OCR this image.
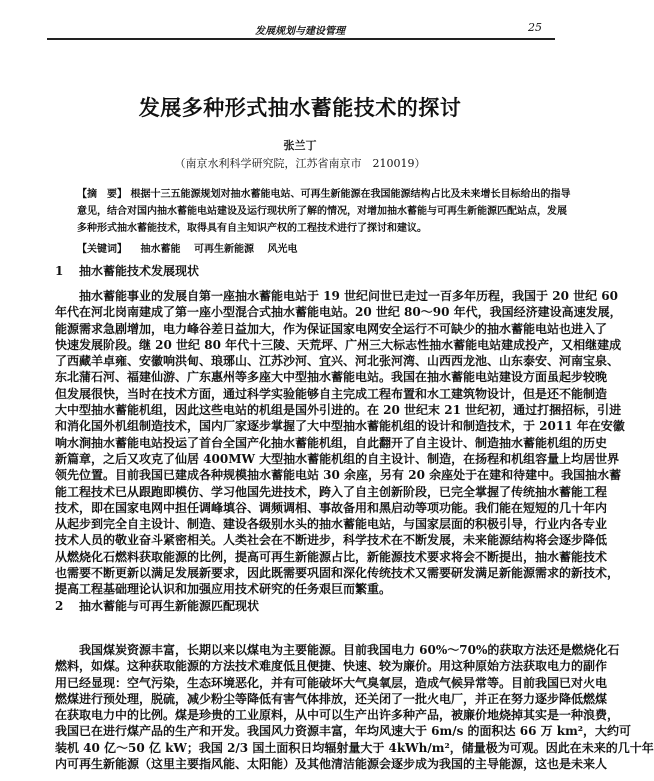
发展规划与建设管理	25
发展多种形式抽水蓄能技术的探讨
张兰丁
（南京水利科学研究院，江苏省南京市　210019）
【摘　要】 根据十三五能源规划对抽水蓄能电站、可再生新能源在我国能源结构占比及未来增长目标给出的指导
意见，结合对国内抽水蓄能电站建设及运行现状所了解的情况，对增加抽水蓄能与可再生新能源匹配站点，发展
多种形式抽水蓄能技术，取得具有自主知识产权的工程技术进行了探讨和建议。
【关键词】 抽水蓄能 可再生新能源 风光电
1 抽水蓄能技术发展现状
抽水蓄能事业的发展自第一座抽水蓄能电站于 19 世纪问世已走过一百多年历程，我国于 20 世纪 60
年代在河北岗南建成了第一座小型混合式抽水蓄能电站。20 世纪 80～90 年代，我国经济建设高速发展，
能源需求急剧增加，电力峰谷差日益加大，作为保证国家电网安全运行不可缺少的抽水蓄能电站也进入了
快速发展阶段。继 20 世纪 80 年代十三陵、天荒坪、广州三大标志性抽水蓄能电站建成投产，又相继建成
了西藏羊卓雍、安徽响洪甸、琅琊山、江苏沙河、宜兴、河北张河湾、山西西龙池、山东泰安、河南宝泉、
东北蒲石河、福建仙游、广东惠州等多座大中型抽水蓄能电站。我国在抽水蓄能电站建设方面虽起步较晚
但发展很快，当时在技术方面，通过科学实验能够自主完成工程布置和水工建筑物设计，但是还不能制造
大中型抽水蓄能机组，因此这些电站的机组是国外引进的。在 20 世纪末 21 世纪初，通过打捆招标，引进
和消化国外机组制造技术，国内厂家逐步掌握了大中型抽水蓄能机组的设计和制造技术，于 2011 年在安徽
响水涧抽水蓄能电站投运了首台全国产化抽水蓄能机组，自此翻开了自主设计、制造抽水蓄能机组的历史
新篇章，之后又攻克了仙居 400MW 大型抽水蓄能机组的自主设计、制造，在扬程和机组容量上均居世界
领先位置。目前我国已建成各种规模抽水蓄能电站 30 余座，另有 20 余座处于在建和待建中。我国抽水蓄
能工程技术已从跟跑即模仿、学习他国先进技术，跨入了自主创新阶段，已完全掌握了传统抽水蓄能工程
技术，即在国家电网中担任调峰填谷、调频调相、事故备用和黑启动等项功能。我们能在短短的几十年内
从起步到完全自主设计、制造、建设各级别水头的抽水蓄能电站，与国家层面的积极引导，行业内各专业
技术人员的敬业奋斗紧密相关。人类社会在不断进步，科学技术在不断发展，未来能源结构将会逐步降低
从燃烧化石燃料获取能源的比例，提高可再生新能源占比，新能源技术要求将会不断提出，抽水蓄能技术
也需要不断更新以满足发展新要求，因此既需要巩固和深化传统技术又需要研发满足新能源需求的新技术，
提高工程基础理论认识和加强应用技术研究的任务艰巨而繁重。
2 抽水蓄能与可再生新能源匹配现状
我国煤炭资源丰富，长期以来以煤电为主要能源。目前我国电力 60%～70%的获取方法还是燃烧化石
燃料，如煤。这种获取能源的方法技术难度低且便捷、快速、较为廉价。用这种原始方法获取电力的副作
用已经显现：空气污染，生态环境恶化，并有可能破坏大气臭氧层，造成气候异常等。目前我国已对火电
燃煤进行预处理，脱硫，减少粉尘等降低有害气体排放，还关闭了一批火电厂，并正在努力逐步降低燃煤
在获取电力中的比例。煤是珍贵的工业原料，从中可以生产出许多种产品，被廉价地烧掉其实是一种浪费，
我国已在进行煤产品的生产和开发。我国风力资源丰富，年均风速大于 6m/s 的面积达 66 万 km²，大约可
装机 40 亿～50 亿 kW；我国 2/3 国土面积日均辐射量大于 4kWh/m²，储量极为可观。因此在未来的几十年
内可再生新能源（这里主要指风能、太阳能）及其他清洁能源会逐步成为我国的主导能源，这也是未来人
